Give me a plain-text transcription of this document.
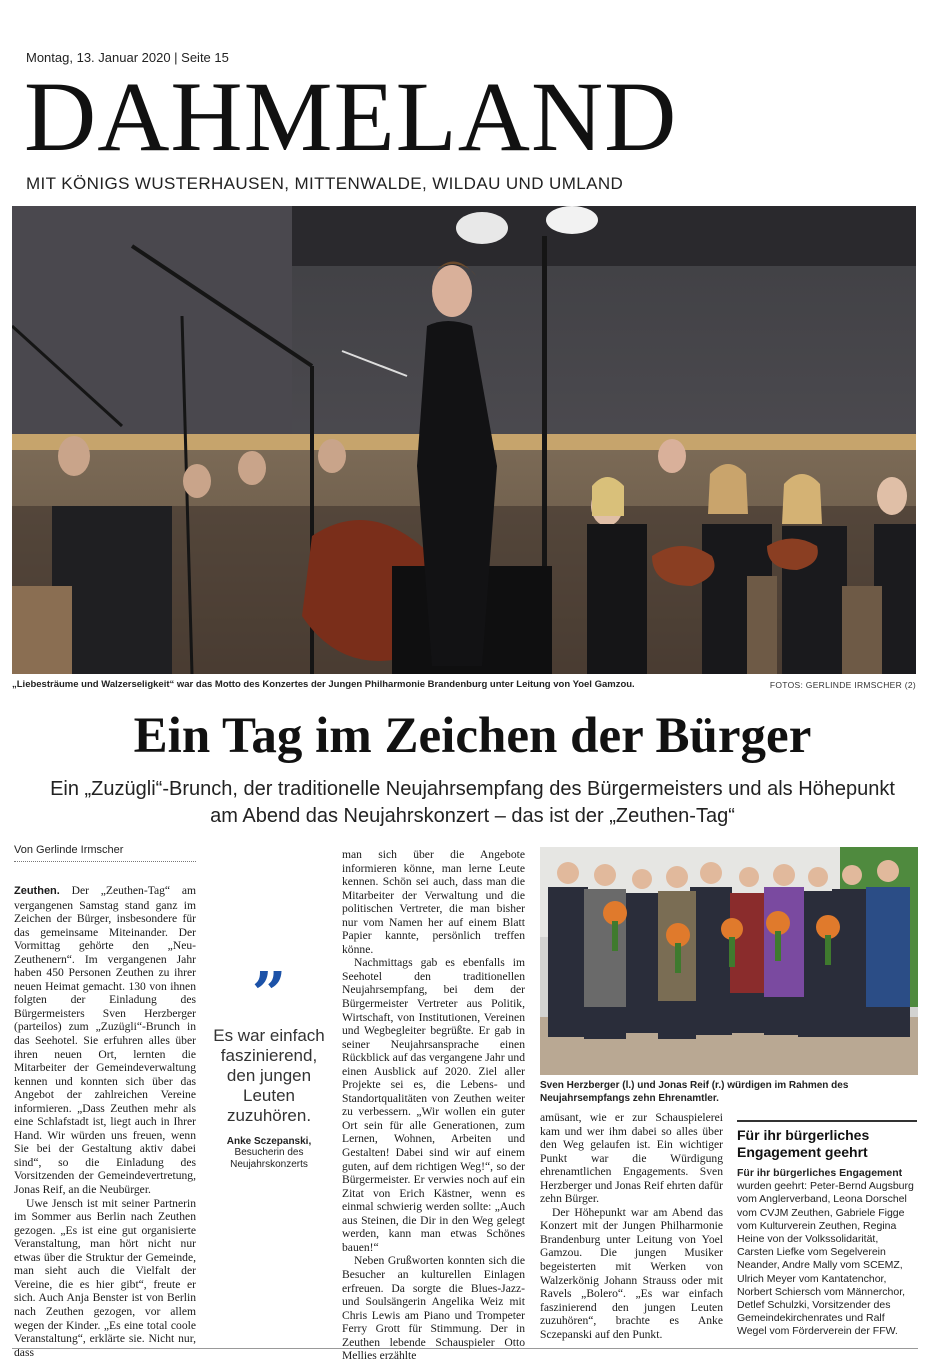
Montag, 13. Januar 2020 | Seite 15
DAHMELAND
MIT KÖNIGS WUSTERHAUSEN, MITTENWALDE, WILDAU UND UMLAND
„Liebesträume und Walzerseligkeit“ war das Motto des Konzertes der Jungen Philharmonie Brandenburg unter Leitung von Yoel Gamzou.	FOTOS: GERLINDE IRMSCHER (2)
Ein Tag im Zeichen der Bürger
Ein „Zuzügli“-Brunch, der traditionelle Neujahrsempfang des Bürgermeisters und als Höhepunkt am Abend das Neujahrskonzert – das ist der „Zeuthen-Tag“
Von Gerlinde Irmscher

Zeuthen. Der „Zeuthen-Tag“ am vergangenen Samstag stand ganz im Zeichen der Bürger, insbesondere für das gemeinsame Miteinander. Der Vormittag gehörte den „Neu-Zeuthenern“. Im vergangenen Jahr haben 450 Personen Zeuthen zu ihrer neuen Heimat gemacht. 130 von ihnen folgten der Einladung des Bürgermeisters Sven Herzberger (parteilos) zum „Zuzügli“-Brunch in das Seehotel. Sie erfuhren alles über ihren neuen Ort, lernten die Mitarbeiter der Gemeindeverwaltung kennen und konnten sich über das Angebot der zahlreichen Vereine informieren. „Dass Zeuthen mehr als eine Schlafstadt ist, liegt auch in Ihrer Hand. Wir würden uns freuen, wenn Sie bei der Gestaltung aktiv dabei sind“, so die Einladung des Vorsitzenden der Gemeindevertretung, Jonas Reif, an die Neubürger.

Uwe Jensch ist mit seiner Partnerin im Sommer aus Berlin nach Zeuthen gezogen. „Es ist eine gut organisierte Veranstaltung, man hört nicht nur etwas über die Struktur der Gemeinde, man sieht auch die Vielfalt der Vereine, die es hier gibt“, freute er sich. Auch Anja Benster ist von Berlin nach Zeuthen gezogen, vor allem wegen der Kinder. „Es eine total coole Veranstaltung“, erklärte sie. Nicht nur, dass

”
Es war einfach faszinierend, den jungen Leuten zuzuhören.
Anke Sczepanski,
Besucherin des Neujahrskonzerts

man sich über die Angebote informieren könne, man lerne Leute kennen. Schön sei auch, dass man die Mitarbeiter der Verwaltung und die politischen Vertreter, die man bisher nur vom Namen her auf einem Blatt Papier kannte, persönlich treffen könne.

Nachmittags gab es ebenfalls im Seehotel den traditionellen Neujahrsempfang, bei dem der Bürgermeister Vertreter aus Politik, Wirtschaft, von Institutionen, Vereinen und Wegbegleiter begrüßte. Er gab in seiner Neujahrsansprache einen Rückblick auf das vergangene Jahr und einen Ausblick auf 2020. Ziel aller Projekte sei es, die Lebens- und Standortqualitäten von Zeuthen weiter zu verbessern. „Wir wollen ein guter Ort sein für alle Generationen, zum Lernen, Wohnen, Arbeiten und Gestalten! Dabei sind wir auf einem guten, auf dem richtigen Weg!“, so der Bürgermeister. Er verwies noch auf ein Zitat von Erich Kästner, wenn es einmal schwierig werden sollte: „Auch aus Steinen, die Dir in den Weg gelegt werden, kann man etwas Schönes bauen!“

Neben Grußworten konnten sich die Besucher an kulturellen Einlagen erfreuen. Da sorgte die Blues-Jazz- und Soulsängerin Angelika Weiz mit Chris Lewis am Piano und Trompeter Ferry Grott für Stimmung. Der in Zeuthen lebende Schauspieler Otto Mellies erzählte

Sven Herzberger (l.) und Jonas Reif (r.) würdigen im Rahmen des Neujahrsempfangs zehn Ehrenamtler.

amüsant, wie er zur Schauspielerei kam und wer ihm dabei so alles über den Weg gelaufen ist. Ein wichtiger Punkt war die Würdigung ehrenamtlichen Engagements. Sven Herzberger und Jonas Reif ehrten dafür zehn Bürger.

Der Höhepunkt war am Abend das Konzert mit der Jungen Philharmonie Brandenburg unter Leitung von Yoel Gamzou. Die jungen Musiker begeisterten mit Werken von Walzerkönig Johann Strauss oder mit Ravels „Bolero“. „Es war einfach faszinierend den jungen Leuten zuzuhören“, brachte es Anke Sczepanski auf den Punkt.

Für ihr bürgerliches Engagement geehrt
Für ihr bürgerliches Engagement wurden geehrt: Peter-Bernd Augsburg vom Anglerverband, Leona Dorschel vom CVJM Zeuthen, Gabriele Figge vom Kulturverein Zeuthen, Regina Heine von der Volkssolidarität, Carsten Liefke vom Segelverein Neander, Andre Mally vom SCEMZ, Ulrich Meyer vom Kantatenchor, Norbert Schiersch vom Männerchor, Detlef Schulzki, Vorsitzender des Gemeindekirchenrates und Ralf Wegel vom Förderverein der FFW.
